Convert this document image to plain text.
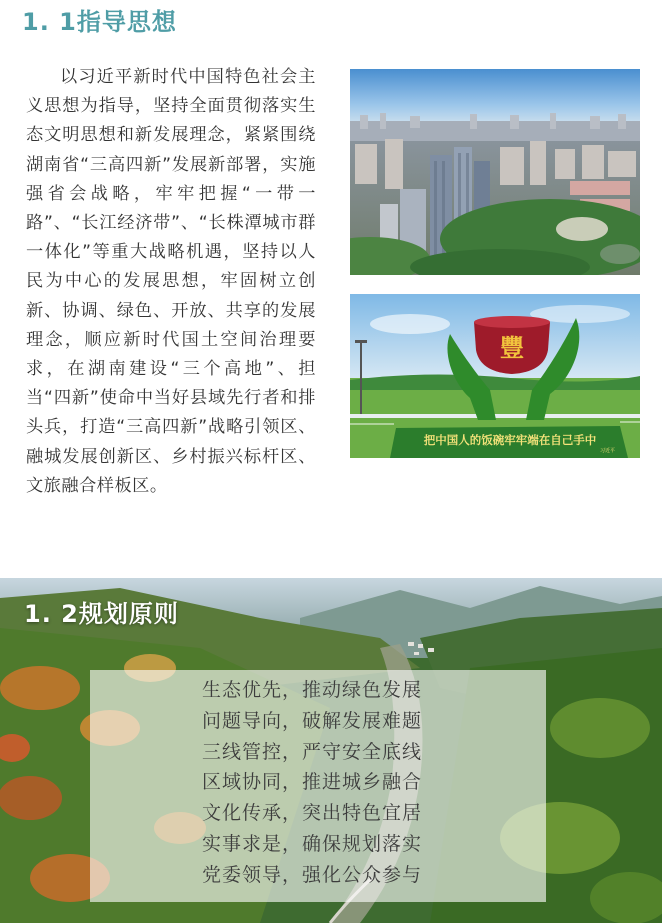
1. 1指导思想

以习近平新时代中国特色社会主义思想为指导，坚持全面贯彻落实生态文明思想和新发展理念，紧紧围绕湖南省“三高四新”发展新部署，实施强省会战略，牢牢把握“一带一路”、“长江经济带”、“长株潭城市群一体化”等重大战略机遇，坚持以人民为中心的发展思想，牢固树立创新、协调、绿色、开放、共享的发展理念，顺应新时代国土空间治理要求，在湖南建设“三个高地”、担当“四新”使命中当好县域先行者和排头兵，打造“三高四新”战略引领区、融城发展创新区、乡村振兴标杆区、文旅融合样板区。

豐
把中国人的饭碗牢牢端在自己手中
习近平
1. 2规划原则
生态优先，推动绿色发展
问题导向，破解发展难题
三线管控，严守安全底线
区域协同，推进城乡融合
文化传承，突出特色宜居
实事求是，确保规划落实
党委领导，强化公众参与
